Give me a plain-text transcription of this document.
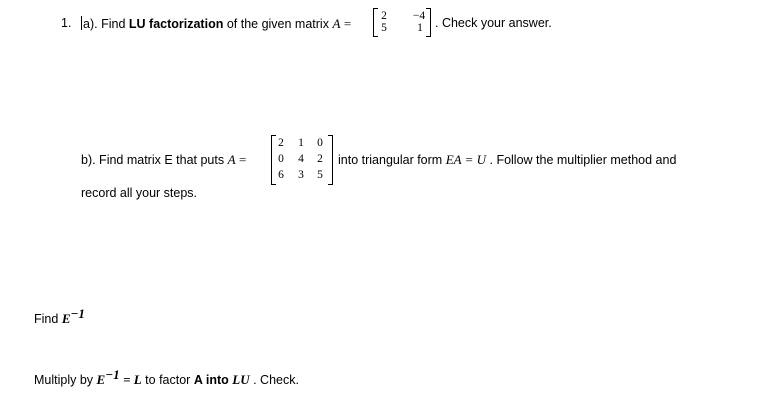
1. a). Find LU factorization of the given matrix A =	2	−4
5	1 . Check your answer.
b). Find matrix E that puts A =
2	1	0
0	4	2
6	3	5
into triangular form EA = U . Follow the multiplier method and
record all your steps.
Find $E^{-1}$
Multiply by $E^{-1} = L$ to factor A into LU . Check.
